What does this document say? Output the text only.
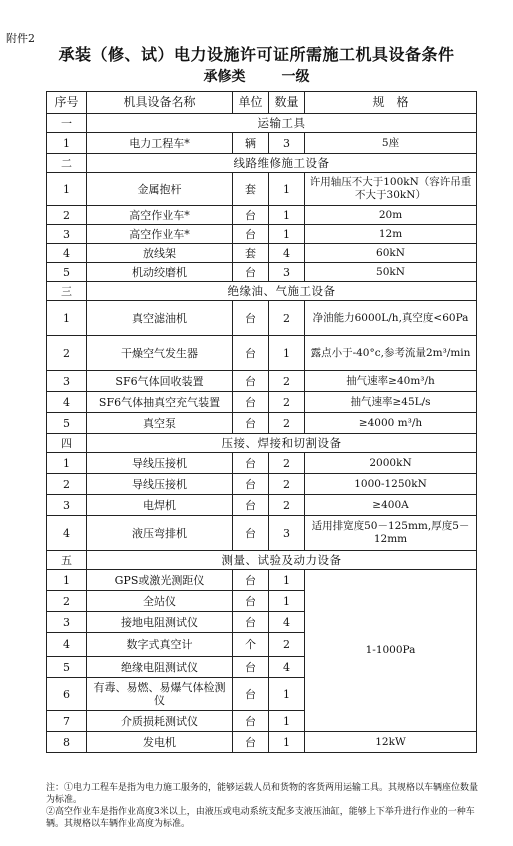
附件2
承装（修、试）电力设施许可证所需施工机具设备条件
承修类	一级
序号	机具设备名称	单位	数量	规　格
一	运输工具			
1	电力工程车*	辆	3	5座
二	线路维修施工设备			
1	金属抱杆	套	1	许用轴压不大于100kN（容许吊重不大于30kN）
2	高空作业车*	台	1	20m
3	高空作业车*	台	1	12m
4	放线架	套	4	60kN
5	机动绞磨机	台	3	50kN
三	绝缘油、气施工设备			
1	真空滤油机	台	2	净油能力6000L/h,真空度<60Pa
2	干燥空气发生器	台	1	露点小于-40°c,参考流量2m³/min
3	SF6气体回收装置	台	2	抽气速率≥40m³/h
4	SF6气体抽真空充气装置	台	2	抽气速率≥45L/s
5	真空泵	台	2	≥4000 m³/h
四	压接、焊接和切割设备			
1	导线压接机	台	2	2000kN
2	导线压接机	台	2	1000-1250kN
3	电焊机	台	2	≥400A
4	液压弯排机	台	3	适用排宽度50－125mm,厚度5－12mm
五	测量、试验及动力设备			
1	GPS或激光测距仪	台	1	1-1000Pa
2	全站仪	台	1	
3	接地电阻测试仪	台	4	
4	数字式真空计	个	2	
5	绝缘电阻测试仪	台	4	
6	有毒、易燃、易爆气体检测仪	台	1	
7	介质损耗测试仪	台	1	
8	发电机	台	1	12kW

注：①电力工程车是指为电力施工服务的，能够运载人员和货物的客货两用运输工具。其规格以车辆座位数量为标准。

②高空作业车是指作业高度3米以上，由液压或电动系统支配多支液压油缸，能够上下举升进行作业的一种车辆。其规格以车辆作业高度为标准。
